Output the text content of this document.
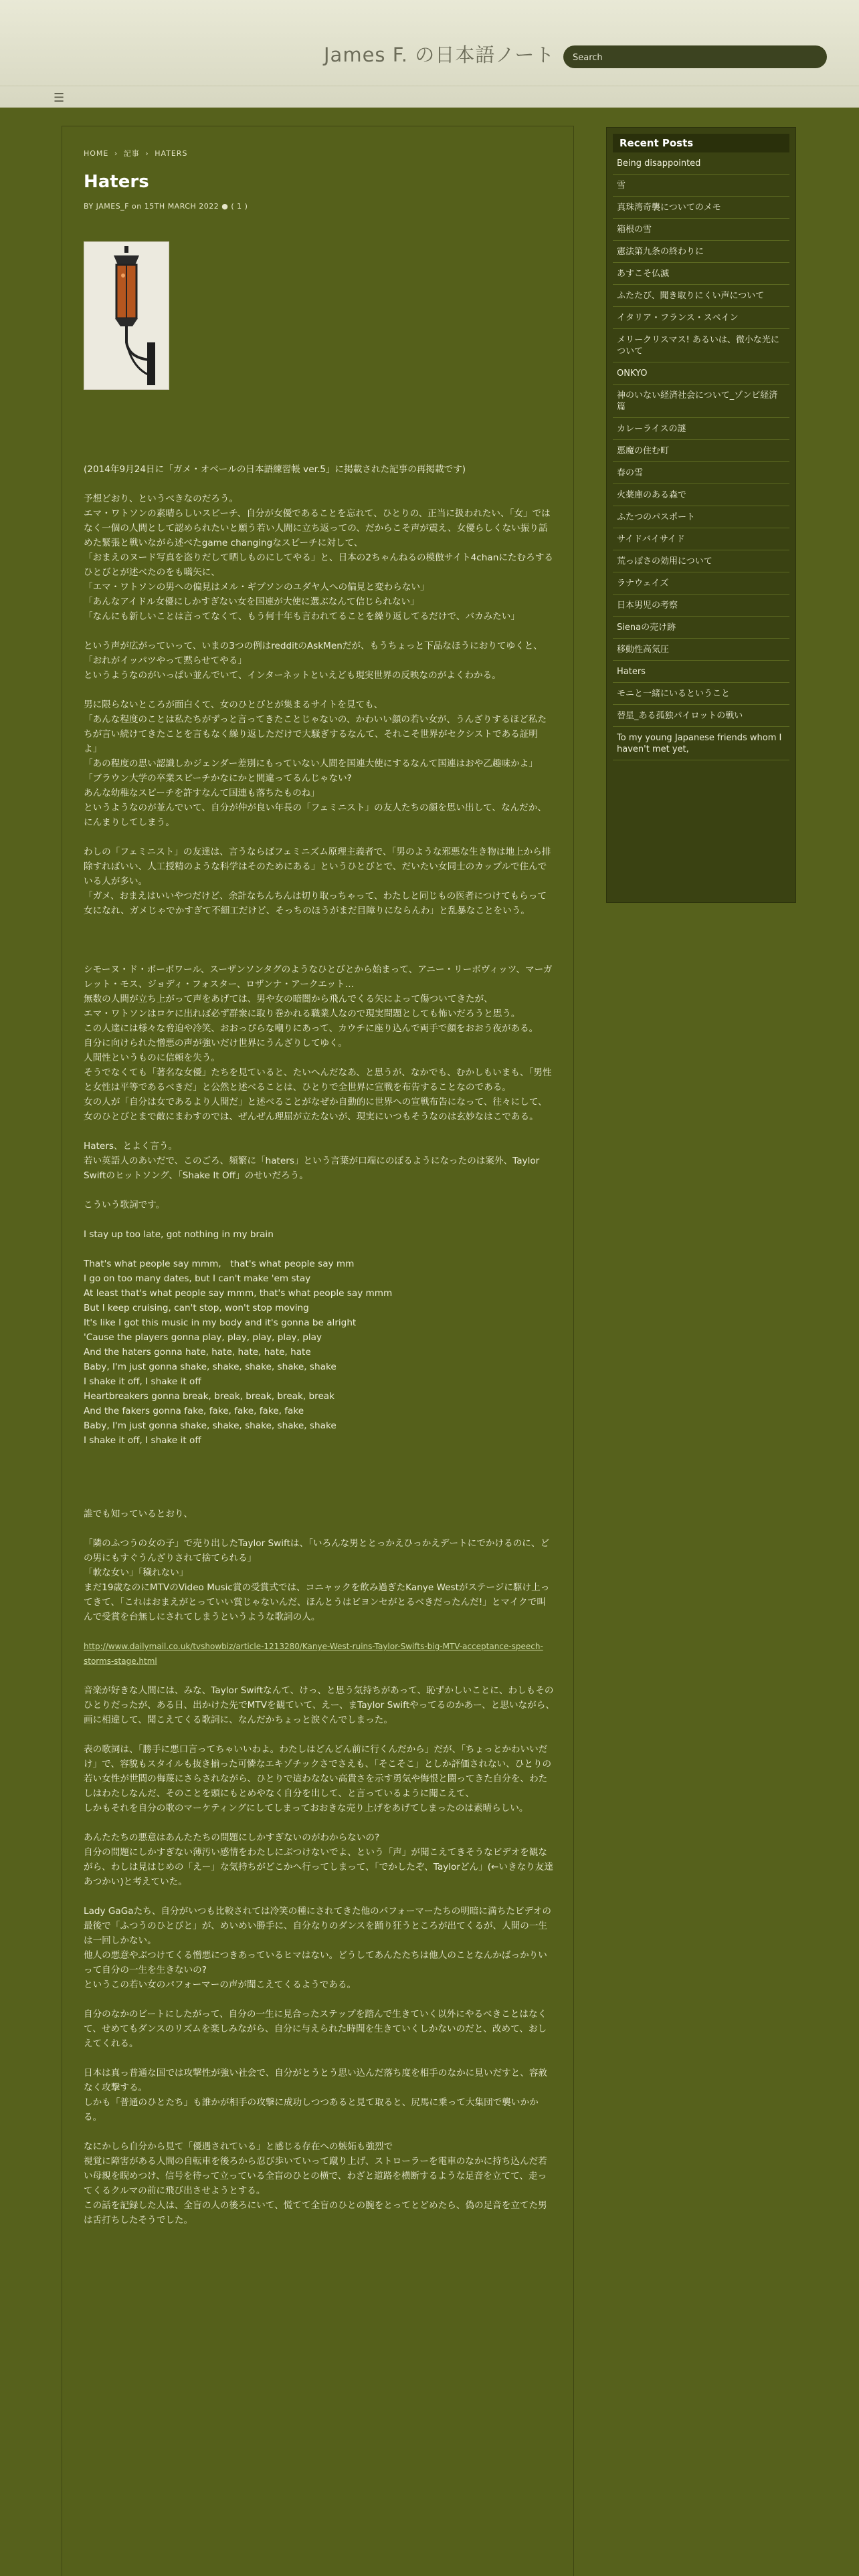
James F. の日本語ノート
Search
☰
HOME › 記事 › HATERS
Haters
BY JAMES_F on 15TH MARCH 2022 ● ( 1 )

(2014年9月24日に「ガメ・オベールの日本語練習帳 ver.5」に掲載された記事の再掲載です)

予想どおり、というべきなのだろう。
エマ・ワトソンの素晴らしいスピーチ、自分が女優であることを忘れて、ひとりの、正当に扱われたい、「女」ではなく一個の人間として認められたいと願う若い人間に立ち返っての、だからこそ声が震え、女優らしくない振り話めた緊張と戦いながら述べたgame changingなスピーチに対して、
「おまえのヌード写真を盗りだして晒しものにしてやる」と、日本の2ちゃんねるの模倣サイト4chanにたむろするひとびとが述べたのをも嚆矢に、
「エマ・ワトソンの男への偏見はメル・ギブソンのユダヤ人への偏見と変わらない」
「あんなアイドル女優にしかすぎない女を国連が大使に選ぶなんて信じられない」
「なんにも新しいことは言ってなくて、もう何十年も言われてることを繰り返してるだけで、バカみたい」

という声が広がっていって、いまの3つの例はredditのAskMenだが、もうちょっと下品なほうにおりてゆくと、
「おれがイッパツやって黙らせてやる」
というようなのがいっぱい並んでいて、インターネットといえども現実世界の反映なのがよくわかる。

男に限らないところが面白くて、女のひとびとが集まるサイトを見ても、
「あんな程度のことは私たちがずっと言ってきたことじゃないの、かわいい顔の若い女が、うんざりするほど私たちが言い続けてきたことを言もなく繰り返しただけで大騒ぎするなんて、それこそ世界がセクシストである証明よ」
「あの程度の思い認識しかジェンダー差別にもっていない人間を国連大使にするなんて国連はおや乙趣味かよ」
「ブラウン大学の卒業スピーチかなにかと間違ってるんじゃない?
あんな幼稚なスピーチを許すなんて国連も落ちたものね」
というようなのが並んでいて、自分が仲が良い年長の「フェミニスト」の友人たちの顔を思い出して、なんだか、にんまりしてしまう。

わしの「フェミニスト」の友達は、言うならばフェミニズム原理主義者で、「男のような邪悪な生き物は地上から排除すればいい、人工授精のような科学はそのためにある」というひとびとで、だいたい女同士のカップルで住んでいる人が多い。
「ガメ、おまえはいいやつだけど、余計なちんちんは切り取っちゃって、わたしと同じもの医者につけてもらって女になれ、ガメじゃでかすぎて不細工だけど、そっちのほうがまだ目障りにならんわ」と乱暴なことをいう。

シモーヌ・ド・ボーボワール、スーザンソンタグのようなひとびとから始まって、アニー・リーボヴィッツ、マーガレット・モス、ジョディ・フォスター、ロザンナ・アークエット…
無数の人間が立ち上がって声をあげては、男や女の暗闇から飛んでくる矢によって傷ついてきたが、
エマ・ワトソンはロケに出れば必ず群衆に取り巻かれる職業人なので現実問題としても怖いだろうと思う。
この人達には様々な脅迫や冷笑、おおっぴらな嘲りにあって、カウチに座り込んで両手で顔をおおう夜がある。
自分に向けられた憎悪の声が強いだけ世界にうんざりしてゆく。
人間性というものに信頼を失う。
そうでなくても「著名な女優」たちを見ていると、たいへんだなあ、と思うが、なかでも、むかしもいまも、「男性と女性は平等であるべきだ」と公然と述べることは、ひとりで全世界に宣戦を布告することなのである。
女の人が「自分は女であるより人間だ」と述べることがなぜか自動的に世界への宣戦布告になって、往々にして、女のひとびとまで敵にまわすのでは、ぜんぜん理屈が立たないが、現実にいつもそうなのは玄妙なはこである。

Haters、とよく言う。
若い英語人のあいだで、このごろ、頻繁に「haters」という言葉が口端にのぼるようになったのは案外、Taylor Swiftのヒットソング、「Shake It Off」のせいだろう。

こういう歌詞です。

I stay up too late, got nothing in my brain

That's what people say mmm,　that's what people say mm
I go on too many dates, but I can't make 'em stay
At least that's what people say mmm, that's what people say mmm
But I keep cruising, can't stop, won't stop moving
It's like I got this music in my body and it's gonna be alright
'Cause the players gonna play, play, play, play, play
And the haters gonna hate, hate, hate, hate, hate
Baby, I'm just gonna shake, shake, shake, shake, shake
I shake it off, I shake it off
Heartbreakers gonna break, break, break, break, break
And the fakers gonna fake, fake, fake, fake, fake
Baby, I'm just gonna shake, shake, shake, shake, shake
I shake it off, I shake it off

誰でも知っているとおり、

「隣のふつうの女の子」で売り出したTaylor Swiftは、「いろんな男ととっかえひっかえデートにでかけるのに、どの男にもすぐうんざりされて捨てられる」
「軟な女い」「穢れない」
まだ19歳なのにMTVのVideo Music賞の受賞式では、コニャックを飲み過ぎたKanye Westがステージに駆け上ってきて、「これはおまえがとっていい賞じゃないんだ、ほんとうはビヨンセがとるべきだったんだ!」とマイクで叫んで受賞を台無しにされてしまうというような歌詞の人。

http://www.dailymail.co.uk/tvshowbiz/article-1213280/Kanye-West-ruins-Taylor-Swifts-big-MTV-acceptance-speech-storms-stage.html

音楽が好きな人間には、みな、Taylor Swiftなんて、けっ、と思う気持ちがあって、恥ずかしいことに、わしもそのひとりだったが、ある日、出かけた先でMTVを観ていて、えー、まTaylor Swiftやってるのかあー、と思いながら、画に相違して、聞こえてくる歌詞に、なんだかちょっと涙ぐんでしまった。

表の歌詞は、「勝手に悪口言ってちゃいいわよ。わたしはどんどん前に行くんだから」だが、「ちょっとかわいいだけ」で、容貌もスタイルも抜き揃った可憐なエキゾチックさでさえも、「そこそこ」としか評価されない、ひとりの若い女性が世間の侮蔑にさらされながら、ひとりで這わなない高貴さを示す勇気や悔恨と闘ってきた自分を、わたしはわたしなんだ、そのことを頭にもとめやなく自分を出して、と言っているように聞こえて、
しかもそれを自分の歌のマーケティングにしてしまっておおきな売り上げをあげてしまったのは素晴らしい。

あんたたちの悪意はあんたたちの問題にしかすぎないのがわからないの?
自分の問題にしかすぎない薄汚い感情をわたしにぶつけないでよ、という「声」が聞こえてきそうなビデオを観ながら、わしは見はじめの「えー」な気持ちがどこかへ行ってしまって、「でかしたぞ、Taylorどん」(←いきなり友達あつかい)と考えていた。

Lady GaGaたち、自分がいつも比較されては冷笑の種にされてきた他のパフォーマーたちの明暗に満ちたビデオの最後で「ふつうのひとびと」が、めいめい勝手に、自分なりのダンスを踊り狂うところが出てくるが、人間の一生は一回しかない。
他人の悪意やぶつけてくる憎悪につきあっているヒマはない。どうしてあんたたちは他人のことなんかばっかりいって自分の一生を生きないの?
というこの若い女のパフォーマーの声が聞こえてくるようである。

自分のなかのビートにしたがって、自分の一生に見合ったステップを踏んで生きていく以外にやるべきことはなくて、せめてもダンスのリズムを楽しみながら、自分に与えられた時間を生きていくしかないのだと、改めて、おしえてくれる。

日本は真っ普通な国では攻撃性が強い社会で、自分がとうとう思い込んだ落ち度を相手のなかに見いだすと、容赦なく攻撃する。
しかも「普通のひとたち」も誰かが相手の攻撃に成功しつつあると見て取ると、尻馬に乗って大集団で襲いかかる。

なにかしら自分から見て「優遇されている」と感じる存在への嫉妬も強烈で
視覚に障害がある人間の自転車を後ろから忍び歩いていって蹴り上げ、ストローラーを電車のなかに持ち込んだ若い母親を睨めつけ、信号を待って立っている全盲のひとの横で、わざと道路を横断するような足音を立てて、走ってくるクルマの前に飛び出させようとする。
この話を記録した人は、全盲の人の後ろにいて、慌てて全盲のひとの腕をとってとどめたら、偽の足音を立てた男は舌打ちしたそうでした。

Recent Posts
Being disappointed
雪
真珠湾奇襲についてのメモ
箱根の雪
憲法第九条の終わりに
あすこそ仏滅
ふたたび、聞き取りにくい声について
イタリア・フランス・スペイン
メリークリスマス! あるいは、微小な光について
ONKYO
神のいない経済社会について_ゾンビ経済篇
カレーライスの謎
悪魔の住む町
春の雪
火薬庫のある森で
ふたつのパスポート
サイドバイサイド
荒っぽさの効用について
ラナウェイズ
日本男児の考察
Sienaの売け跡
移動性高気圧
Haters
モニと一緒にいるということ
替星_ある孤独パイロットの戦い
To my young Japanese friends whom I haven't met yet,
